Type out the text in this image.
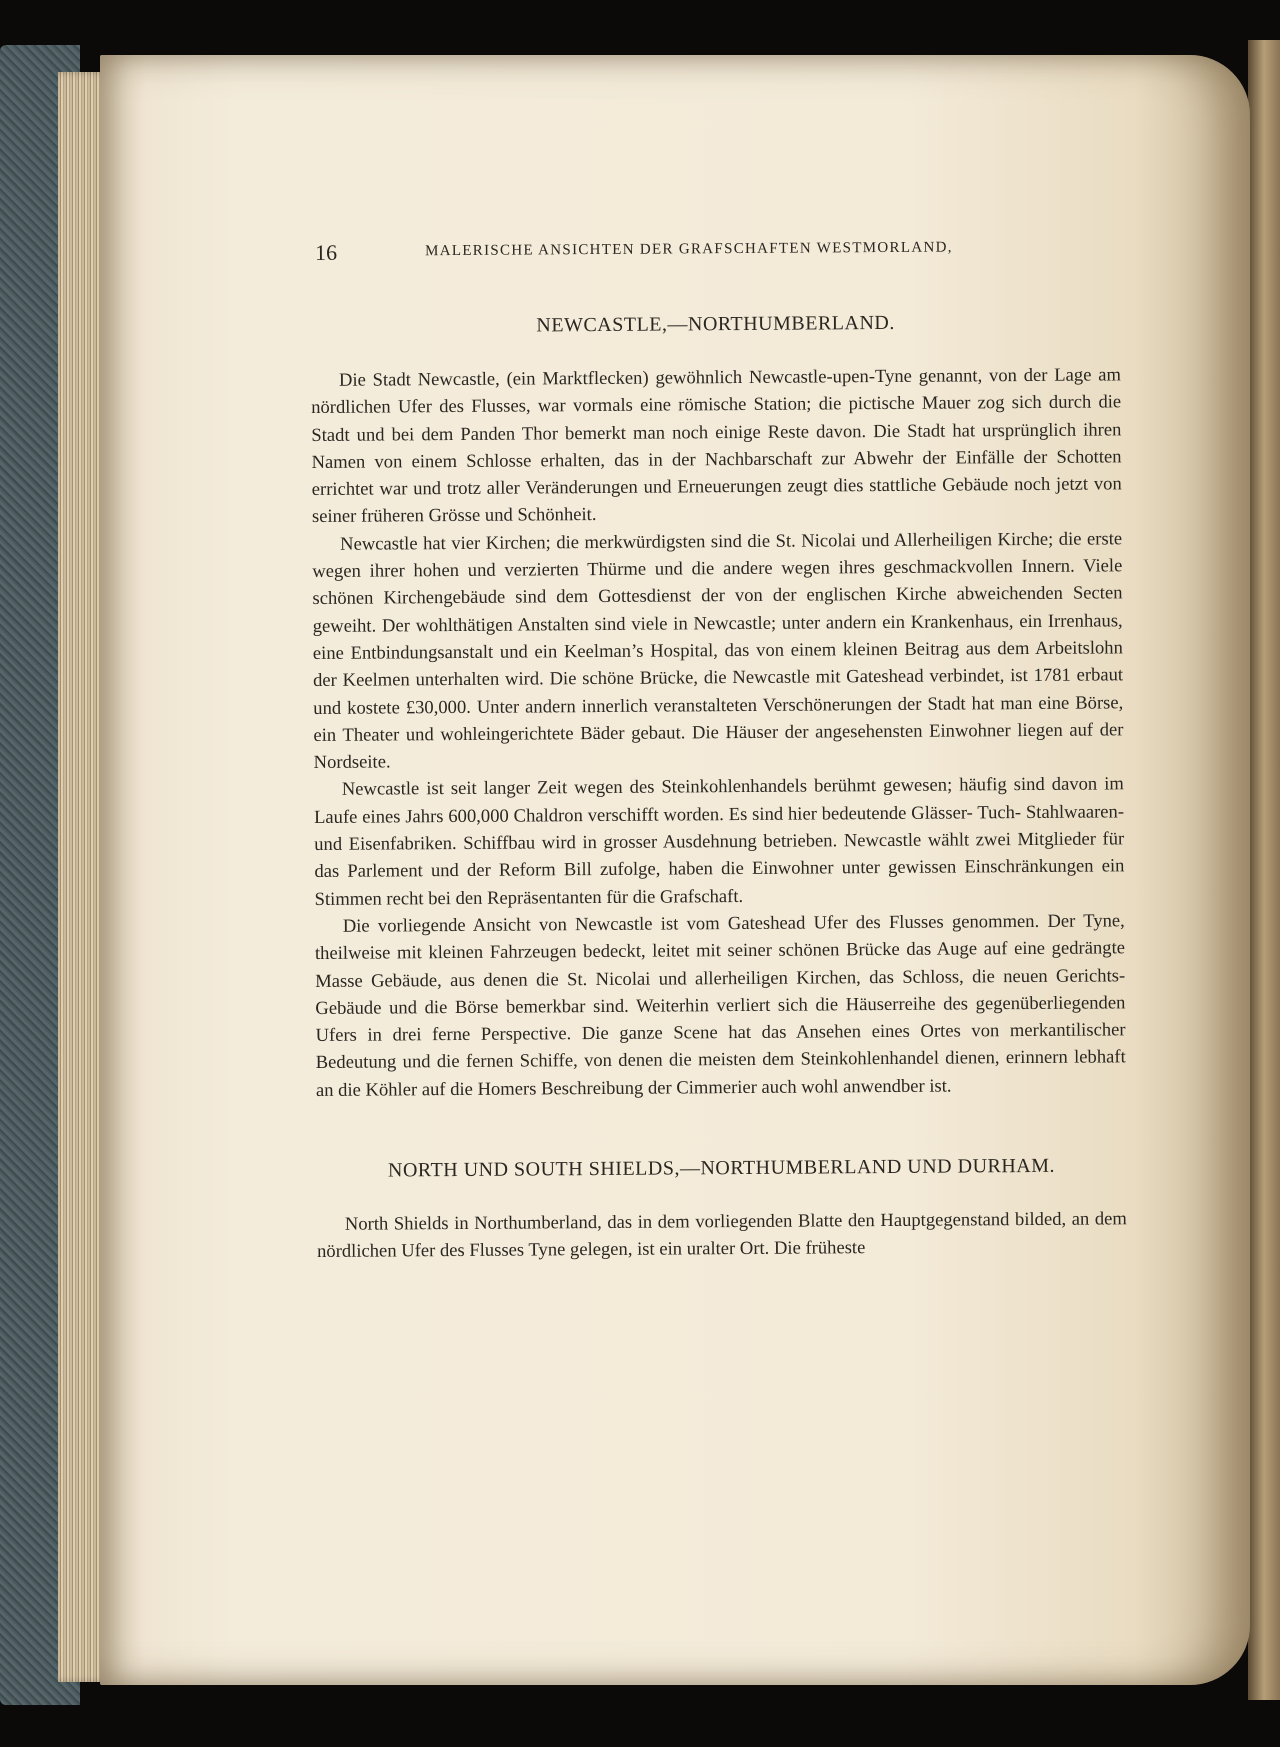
16	MALERISCHE ANSICHTEN DER GRAFSCHAFTEN WESTMORLAND,
NEWCASTLE,—NORTHUMBERLAND.

Die Stadt Newcastle, (ein Marktflecken) gewöhnlich Newcastle-upen-Tyne genannt, von der Lage am nördlichen Ufer des Flusses, war vormals eine römische Station; die pictische Mauer zog sich durch die Stadt und bei dem Panden Thor bemerkt man noch einige Reste davon. Die Stadt hat ursprünglich ihren Namen von einem Schlosse erhalten, das in der Nachbarschaft zur Abwehr der Einfälle der Schotten errichtet war und trotz aller Veränderungen und Erneuerungen zeugt dies stattliche Gebäude noch jetzt von seiner früheren Grösse und Schönheit.

Newcastle hat vier Kirchen; die merkwürdigsten sind die St. Nicolai und Allerheiligen Kirche; die erste wegen ihrer hohen und verzierten Thürme und die andere wegen ihres geschmackvollen Innern. Viele schönen Kirchengebäude sind dem Gottesdienst der von der englischen Kirche abweichenden Secten geweiht. Der wohlthätigen Anstalten sind viele in Newcastle; unter andern ein Krankenhaus, ein Irrenhaus, eine Entbindungsanstalt und ein Keelman’s Hospital, das von einem kleinen Beitrag aus dem Arbeitslohn der Keelmen unterhalten wird. Die schöne Brücke, die Newcastle mit Gateshead verbindet, ist 1781 erbaut und kostete £30,000. Unter andern innerlich veranstalteten Verschönerungen der Stadt hat man eine Börse, ein Theater und wohleingerichtete Bäder gebaut. Die Häuser der angesehensten Einwohner liegen auf der Nordseite.

Newcastle ist seit langer Zeit wegen des Steinkohlenhandels berühmt gewesen; häufig sind davon im Laufe eines Jahrs 600,000 Chaldron verschifft worden. Es sind hier bedeutende Glässer- Tuch- Stahlwaaren- und Eisenfabriken. Schiffbau wird in grosser Ausdehnung betrieben. Newcastle wählt zwei Mitglieder für das Parlement und der Reform Bill zufolge, haben die Einwohner unter gewissen Einschränkungen ein Stimmen recht bei den Repräsentanten für die Grafschaft.

Die vorliegende Ansicht von Newcastle ist vom Gateshead Ufer des Flusses genommen. Der Tyne, theilweise mit kleinen Fahrzeugen bedeckt, leitet mit seiner schönen Brücke das Auge auf eine gedrängte Masse Gebäude, aus denen die St. Nicolai und allerheiligen Kirchen, das Schloss, die neuen Gerichts-Gebäude und die Börse bemerkbar sind. Weiterhin verliert sich die Häuserreihe des gegenüberliegenden Ufers in drei ferne Perspective. Die ganze Scene hat das Ansehen eines Ortes von merkantilischer Bedeutung und die fernen Schiffe, von denen die meisten dem Steinkohlenhandel dienen, erinnern lebhaft an die Köhler auf die Homers Beschreibung der Cimmerier auch wohl anwendber ist.

NORTH UND SOUTH SHIELDS,—NORTHUMBERLAND UND DURHAM.

North Shields in Northumberland, das in dem vorliegenden Blatte den Hauptgegenstand bilded, an dem nördlichen Ufer des Flusses Tyne gelegen, ist ein uralter Ort. Die früheste
